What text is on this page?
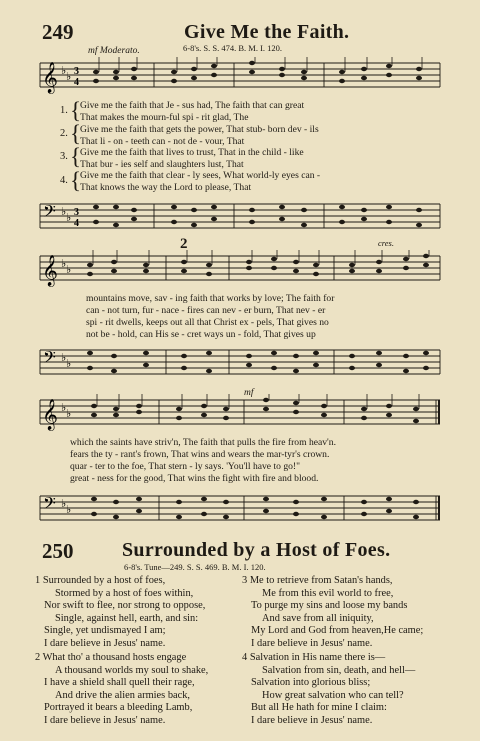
249	Give Me the Faith.
6-8's. S. S. 474. B. M. I. 120.
mf Moderato.
𝄞 ♭ ♭ 3
4
1.
2.
3.
4.
{
{
{
{
Give me the faith that Je - sus had, The faith that can great
That makes the mourn-ful spi - rit glad, The
Give me the faith that gets the power, That stub- born dev - ils
That li - on - teeth can - not de - vour, That
Give me the faith that lives to trust, That in the child - like
That bur - ies self and slaughters lust, That
Give me the faith that clear - ly sees, What world-ly eyes can -
That knows the way the Lord to please, That
𝄢 ♭ ♭ 3
4
2	cres.
𝄞 ♭ ♭
mountains move, sav - ing faith that works by love; The faith for
can - not turn, fur - nace - fires can nev - er burn, That nev - er
spi - rit dwells, keeps out all that Christ ex - pels, That gives no
not be - hold, can His se - cret ways un - fold, That gives up
𝄢 ♭ ♭
mf
𝄞 ♭ ♭
which the saints have striv'n, The faith that pulls the fire from heav'n.
fears the ty - rant's frown, That wins and wears the mar-tyr's crown.
quar - ter to the foe, That stern - ly says. 'You'll have to go!"
great - ness for the good, That wins the fight with fire and blood.
𝄢 ♭ ♭
250 Surrounded by a Host of Foes.
6-8's. Tune—249. S. S. 469. B. M. I. 120.
1 Surrounded by a host of foes,
Stormed by a host of foes within,
Nor swift to flee, nor strong to oppose,
Single, against hell, earth, and sin:
Single, yet undismayed I am;
I dare believe in Jesus' name.
2 What tho' a thousand hosts engage
A thousand worlds my soul to shake,
I have a shield shall quell their rage,
And drive the alien armies back,
Portrayed it bears a bleeding Lamb,
I dare believe in Jesus' name.
3 Me to retrieve from Satan's hands,
Me from this evil world to free,
To purge my sins and loose my bands
And save from all iniquity,
My Lord and God from heaven,He came;
I dare believe in Jesus' name.
4 Salvation in His name there is—
Salvation from sin, death, and hell—
Salvation into glorious bliss;
How great salvation who can tell?
But all He hath for mine I claim:
I dare believe in Jesus' name.
